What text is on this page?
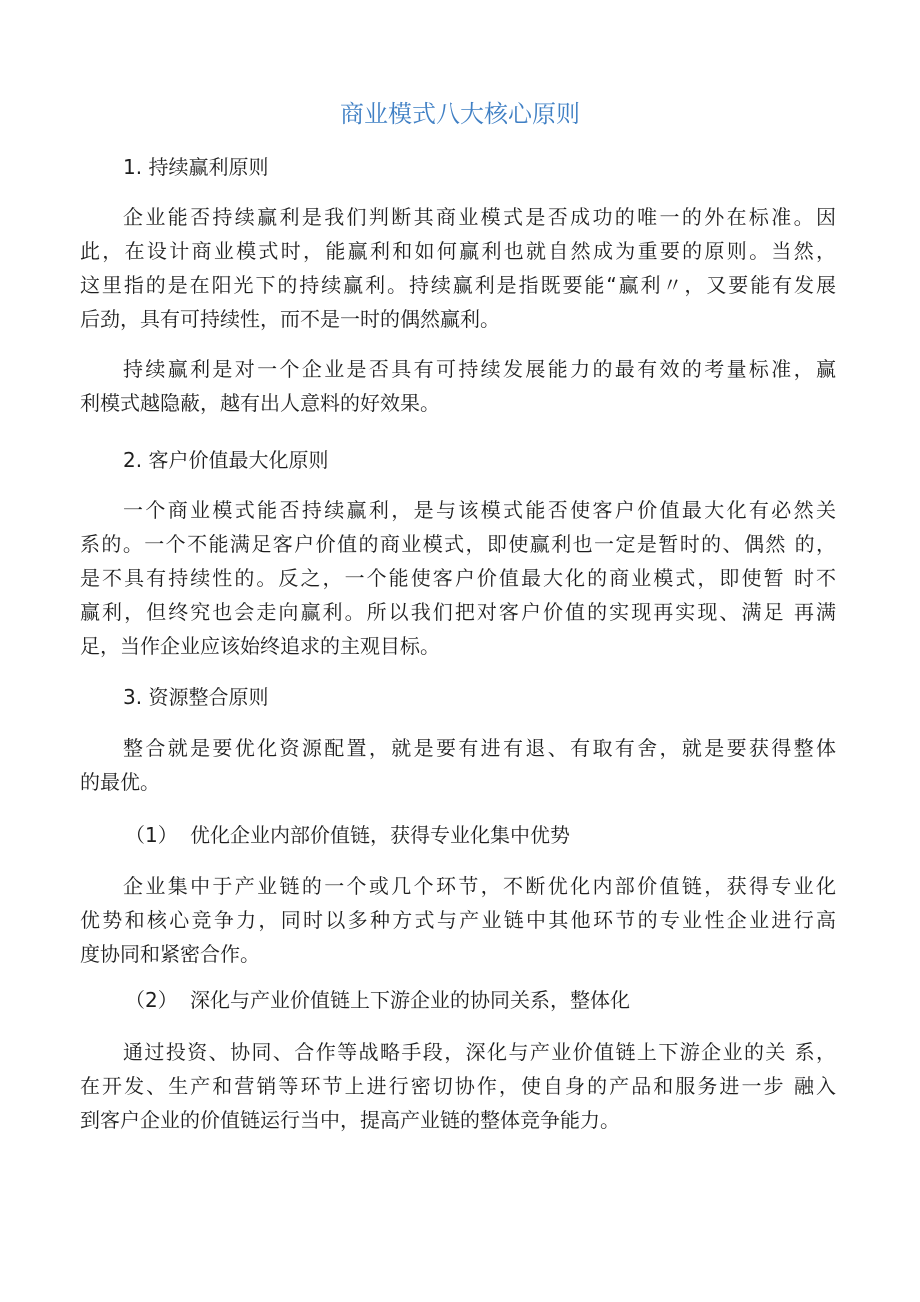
商业模式八大核心原则
1. 持续赢利原则
企业能否持续赢利是我们判断其商业模式是否成功的唯一的外在标准。因
此，在设计商业模式时，能赢利和如何赢利也就自然成为重要的原则。当然，
这里指的是在阳光下的持续赢利。持续赢利是指既要能“赢利〃，又要能有发展
后劲，具有可持续性，而不是一时的偶然赢利。
持续赢利是对一个企业是否具有可持续发展能力的最有效的考量标准，赢
利模式越隐蔽，越有出人意料的好效果。
2. 客户价值最大化原则
一个商业模式能否持续赢利，是与该模式能否使客户价值最大化有必然关
系的。一个不能满足客户价值的商业模式，即使赢利也一定是暂时的、偶然 的，
是不具有持续性的。反之，一个能使客户价值最大化的商业模式，即使暂 时不
赢利，但终究也会走向赢利。所以我们把对客户价值的实现再实现、满足 再满
足，当作企业应该始终追求的主观目标。
3. 资源整合原则
整合就是要优化资源配置，就是要有进有退、有取有舍，就是要获得整体
的最优。
（1） 优化企业内部价值链，获得专业化集中优势
企业集中于产业链的一个或几个环节，不断优化内部价值链，获得专业化
优势和核心竞争力，同时以多种方式与产业链中其他环节的专业性企业进行高
度协同和紧密合作。
（2） 深化与产业价值链上下游企业的协同关系，整体化
通过投资、协同、合作等战略手段，深化与产业价值链上下游企业的关 系，
在开发、生产和营销等环节上进行密切协作，使自身的产品和服务进一步 融入
到客户企业的价值链运行当中，提高产业链的整体竞争能力。
